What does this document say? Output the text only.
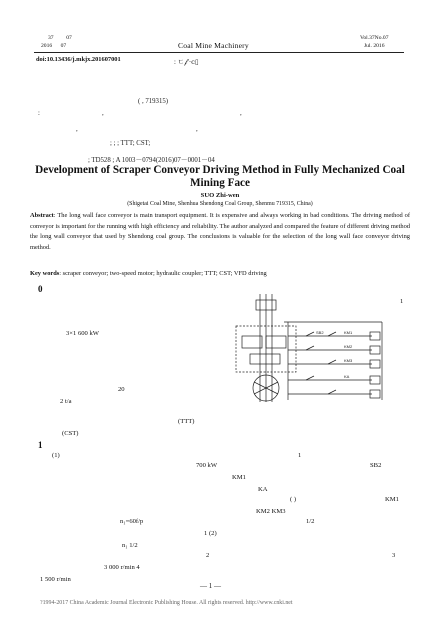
37 07
2016 07	Coal Mine Machinery
Vol.37No.07
Jul. 2016
doi:10.13436/j.mkjx.201607001	: ㄷ𝒻 ·ⅽ▯
( , 719315)
:	,	,
,	,
; ; ; TTT; CST;
; TD528 ; A 1003－0794(2016)07－0001－04
Development of Scraper Conveyor Driving Method in Fully Mechanized Coal Mining Face
SUO Zhi-wen
(Shigetai Coal Mine, Shenhua Shendong Coal Group, Shenmu 719315, China)
Abstract: The long wall face conveyor is main transport equipment. It is expensive and always working in bad conditions. The driving method of conveyor is important for the running with high efficiency and reliability. The author analyzed and compared the feature of different driving method the long wall conveyor that used by Shendong coal group. The conclusions is valuable for the selection of the long wall face conveyor driving method.
Key words: scraper conveyor; two-speed motor; hydraulic coupler; TTT; CST; VFD driving
0
1
3×1 600 kW
20
2 t/a
(TTT)
(CST)
1
(1)
700 kW
1
SB2
KM1
KA
( )	KM1
KM2 KM3
n₁=60f/p	1/2
1 (2)
n₁ 1/2
2	3
3 000 r/min 4
1 500 r/min
KM1
KM2
KM3
SB2
KA
— 1 —
?1994-2017 China Academic Journal Electronic Publishing House. All rights reserved. http://www.cnki.net
